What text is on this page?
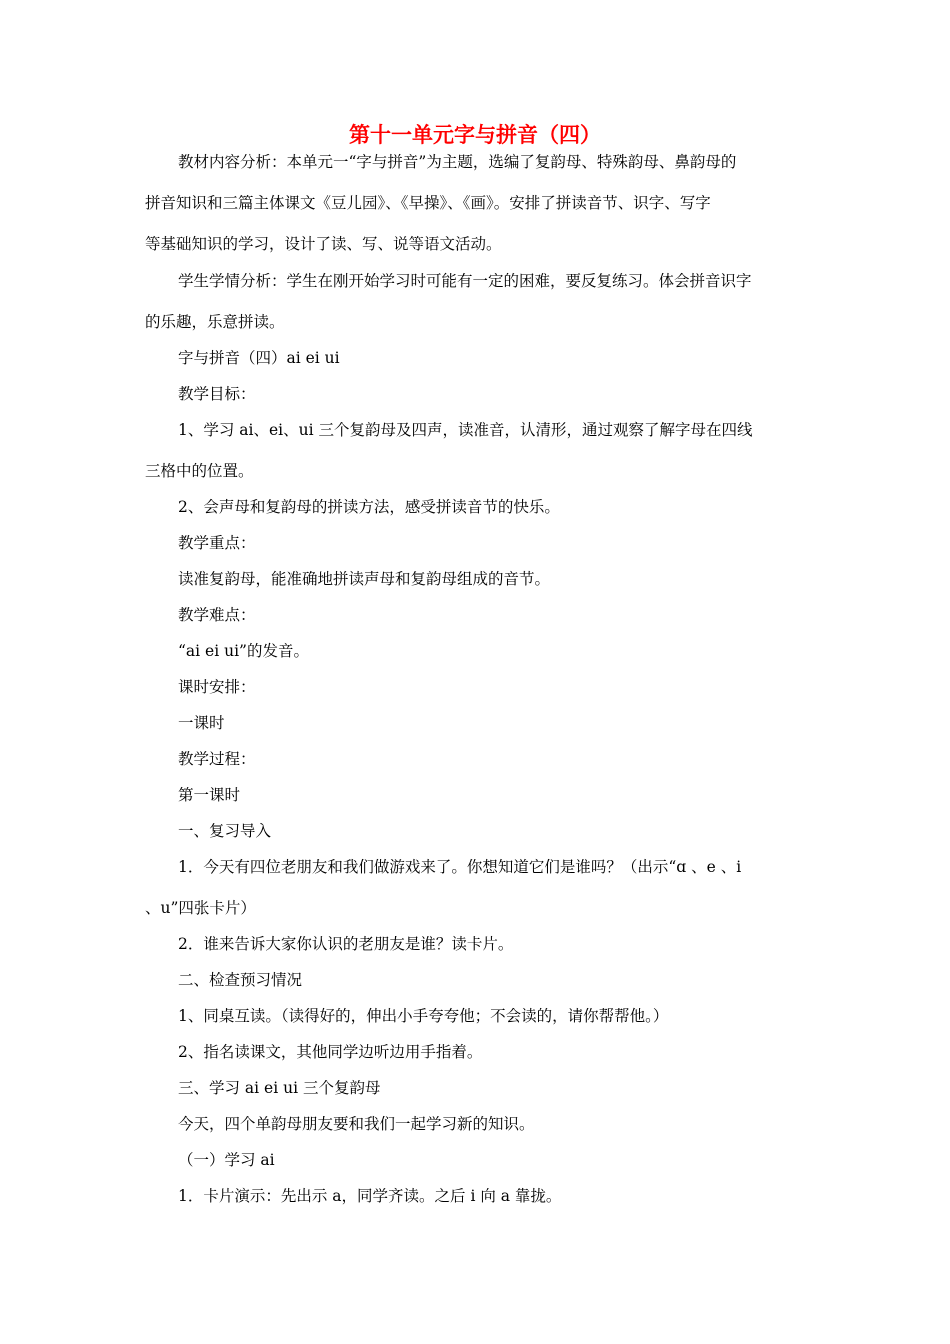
第十一单元字与拼音（四）
教材内容分析：本单元一“字与拼音”为主题，选编了复韵母、特殊韵母、鼻韵母的
拼音知识和三篇主体课文《豆儿园》、《早操》、《画》。安排了拼读音节、识字、写字
等基础知识的学习，设计了读、写、说等语文活动。
学生学情分析：学生在刚开始学习时可能有一定的困难，要反复练习。体会拼音识字
的乐趣，乐意拼读。
字与拼音（四）ai ei ui
教学目标：
1、学习 ai、ei、ui 三个复韵母及四声，读准音，认清形，通过观察了解字母在四线
三格中的位置。
2、会声母和复韵母的拼读方法，感受拼读音节的快乐。
教学重点：
读准复韵母，能准确地拼读声母和复韵母组成的音节。
教学难点：
“ai ei ui”的发音。
课时安排：
一课时
教学过程：
第一课时
一、复习导入
1．今天有四位老朋友和我们做游戏来了。你想知道它们是谁吗？（出示“ɑ 、e 、i
、u”四张卡片）
2．谁来告诉大家你认识的老朋友是谁？读卡片。
二、检查预习情况
1、同桌互读。（读得好的，伸出小手夸夸他；不会读的，请你帮帮他。）
2、指名读课文，其他同学边听边用手指着。
三、学习 ai ei ui 三个复韵母
今天，四个单韵母朋友要和我们一起学习新的知识。
（一）学习 ai
1．卡片演示：先出示 a，同学齐读。之后 i 向 a 靠拢。
